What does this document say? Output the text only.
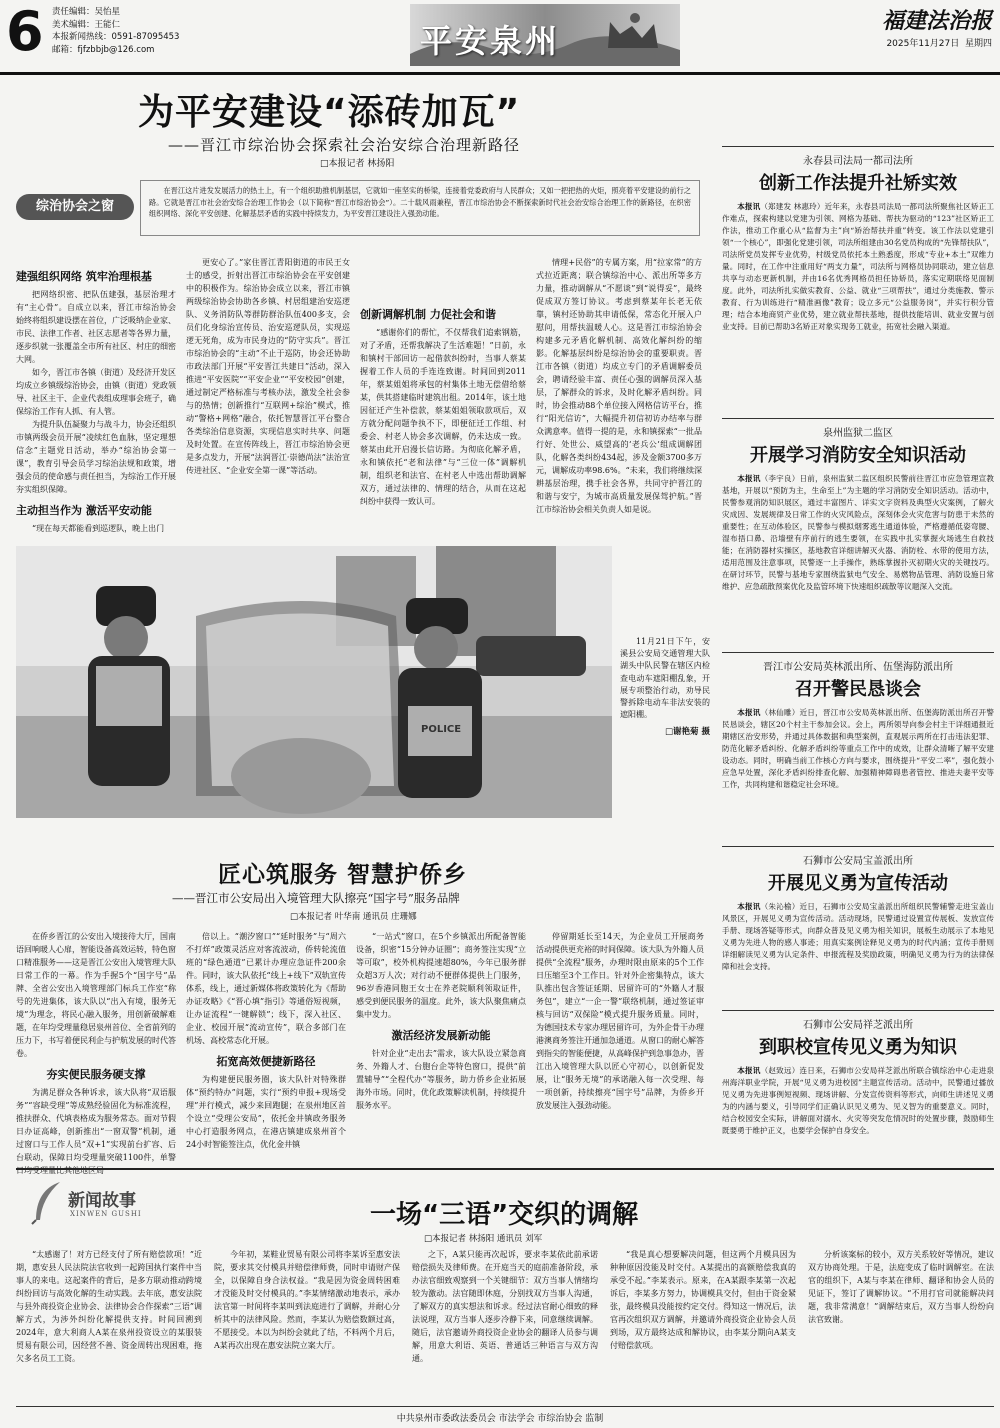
6 责任编辑：吴怡星
美术编辑：王能仁
本报新闻热线：0591-87095453
邮箱：fjfzbbjb@126.com	平安泉州
福建法治报
2025年11月27日 星期四
为平安建设“添砖加瓦”
——晋江市综治协会探索社会治安综合治理新路径
□本报记者 林扬阳
综治协会之窗

在晋江这片进发发展活力的热土上，有一个组织助推机制基层，它就如一座坚实的桥梁，连接着党委政府与人民群众；又如一把把热的火炬，照亮着平安建设的前行之路。它就是晋江市社会治安综合治理工作协会（以下简称“晋江市综治协会”）。二十载风雨兼程，晋江市综治协会不断探索新时代社会治安综合治理工作的新路径，在织密组织网络、深化平安创建、化解基层矛盾的实践中持续发力，为平安晋江建设注入强劲动能。

建强组织网络 筑牢治理根基

把网络织密、把队伍建强，基层治理才有“主心骨”。自成立以来，晋江市综治协会始终将组织建设摆在首位，广泛吸纳企业家、市民、法律工作者、社区志愿者等各界力量，逐步织就一张覆盖全市所有社区、村庄的细密大网。

如今，晋江市各镇（街道）及经济开发区均成立乡镇级综治协会，由镇（街道）党政领导、社区主干、企业代表组成理事会班子，确保综治工作有人抓、有人管。

为提升队伍凝聚力与战斗力，协会还组织市镇两级会员开展“凌续红色血脉，坚定理想信念”主题党日活动，举办“综治协会第一课”，教育引导会员学习综治法规和政策，增强会员的使命感与责任担当，为综治工作开展夯实组织保障。

主动担当作为 激活平安动能

“现在每天都能看到巡逻队，晚上出门

更安心了。”家住晋江青阳街道的市民王女士的感受，折射出晋江市综治协会在平安创建中的积极作为。综治协会成立以来，晋江市镇两级综治协会协助各乡镇、村居组建治安巡逻队、义务消防队等群防群治队伍400多支，会员们化身综治宣传员、治安巡逻队员，实现巡逻无死角，成为市民身边的“防守实兵”。晋江市综治协会的“主动”不止于巡防，协会还协助市政法部门开展“平安晋江共建日”活动，深入推进“平安医院”“平安企业”“平安校园”创建，通过制定严格标准与考核办法，激发全社会参与的热情；创新推行“互联网+综治”模式，推动“警格+网格”融合，依托智慧晋江平台整合各类综治信息资源，实现信息实时共享、问题及时处置。在宣传阵线上，晋江市综治协会更是多点发力，开展“法润晋江·崇德尚法”法治宣传进社区、“企业安全第一课”等活动。

创新调解机制 力促社会和谐

“感谢你们的帮忙，不仅帮我们追索钢筋，对了矛盾，还帮我解决了生活难题！”日前，永和镇村干部回访一起借款纠纷时，当事人蔡某握着工作人员的手连连致谢。时间回到2011年，蔡某姐姐将承包的村集体土地无偿借给蔡某，供其搭建临时建筑出租。2014年，该土地因征迁产生补偿款，蔡某姐姐领取款项后，双方就分配问题争执不下，即便征迁工作组、村委会、村老人协会多次调解，仍未达成一致。蔡某由此开启漫长信访路。为彻底化解矛盾，永和镇依托“老和法律”与“三位一体”调解机制，组织老和法官、在村老人中选出帮助调解双方，通过法律的、情理的结合，从而在这起纠纷中获得一致认可。

情理+民俗”的专属方案，用“拉家常”的方式拉近距离；联合镇综治中心、派出所等多方力量，推动调解从“不愿谈”到“说得妥”，最终促成双方签订协议。考虑到蔡某年长老无依靠，镇村还协助其申请低保，常态化开展入户慰问，用帮扶温暖人心。这是晋江市综治协会构建多元矛盾化解机制、高效化解纠纷的缩影。化解基层纠纷是综治协会的重要职责。晋江市各镇（街道）均成立专门的矛盾调解委员会，聘请经验丰富、责任心强的调解员深入基层，了解群众的诉求，及时化解矛盾纠纷。同时，协会推动88个单位接入网格信访平台，推行“阳光信访”，大幅提升初信初访办结率与群众满意率。值得一提的是，永和镇探索“一批品行好、处世公、威望高的‘老兵公’组成调解团队，化解各类纠纷434起，涉及金额3700多万元，调解成功率98.6%。“未来，我们将继续深耕基层治理，携手社会各界，共同守护晋江的和谐与安宁，为城市高质量发展保驾护航。”晋江市综治协会相关负责人如是说。

POLICE

11月21日下午，安溪县公安局交通管理大队湖头中队民警在辖区内检查电动车遮阳棚乱象，开展专项整治行动，劝导民警拆除电动车非法安装的遮阳棚。

□谢艳菊 摄
匠心筑服务 智慧护侨乡
——晋江市公安局出入境管理大队擦亮“国字号”服务品牌
□本报记者 叶华南 通讯员 庄珊娜

在侨乡晋江的公安出入境接待大厅，国南语回响暖人心扉，智能设备高效运转，特色窗口精准服务——这是晋江公安出入境管理大队日常工作的一幕。作为手握5个“国字号”品牌、全省公安出入境管理部门标兵工作室“称号的先进集体，该大队以“出入有境，服务无境”为理念，将民心融入服务，用创新破解难题，在年均受理量稳居泉州首位、全省前列的压力下，书写着便民利企与护航发展的时代答卷。

夯实便民服务硬支撑

为满足群众各种诉求，该大队将“双语服务”“容缺受理”等成熟经验固化为标准流程，推扶群众、代填表格成为服务常态。面对节假日办证高峰，创新推出“一窗双警”机制，通过窗口与工作人员“双+1”实现前台扩容、后台联动，保障日均受理量突破1100件，单警日均受理量比其他地区局

倍以上。“潮汐窗口”“延时服务”与“周六不打烊”政策灵活应对客流波动，侨转轮流值班的“绿色通道”已累计办理应急证件200余件。同时，该大队依托“线上+线下”双轨宣传体系，线上，通过新媒体将政策转化为《帮助办证攻略》《“晋心填”指引》等通俗短视频，让办证流程“一键解锁”；线下，深入社区、企业、校园开展“流动宣传”，联合多部门在机场、高校常态化开展。

拓宽高效便捷新路径

为构建便民服务圈，该大队针对特殊群体“预约特办”问题，实行“预约申报+现场受理”并行模式，减少来回跑腿；在泉州地区首个设立“受理公安局”，依托金井镇政务服务中心打造服务网点，在港店镇建成泉州首个24小时智能签注点，优化金井镇

“一站式”窗口，在5个乡镇派出所配备智能设备，织密“15分钟办证圈”；商务签注实现“立等可取”，校外机构提速超80%，今年已服务群众超3万人次；对行动不便群体提供上门服务，96岁香港同胞王女士在养老院顺利领取证件，感受到便民服务的温度。此外，该大队聚焦痛点集中发力。

激活经济发展新动能

针对企业“走出去”需求，该大队设立紧急商务、外籍人才、台胞台企等特色窗口，提供“前置辅导”“全程代办”等服务，助力侨乡企业拓展海外市场。同时，优化政策解读机制，持续提升服务水平。

停留期延长至14天，为企业员工开展商务活动提供更充裕的时间保障。该大队为外籍人员提供“全流程”服务，办理时限由原来的5个工作日压缩至3个工作日。针对外企密集特点，该大队推出包含签证延期、居留许可的“外籍人才服务包”，建立“一企一警”联络机制，通过签证审核与回访“双保险”模式提升服务质量。同时，为德国技术专家办理居留许可，为外企骨干办理港澳商务签注开通加急通道。从窗口的耐心解答到指尖的智能便捷，从高峰保护到急事急办，晋江出入境管理大队以匠心守初心，以创新促发展，让“服务无境”的承诺融入每一次受理、每一项创新，持续擦亮“国字号”品牌，为侨乡开放发展注入强劲动能。

永春县司法局一都司法所
创新工作法提升社矫实效

本报讯（郑建发 林惠玲）近年来，永春县司法局一都司法所聚焦社区矫正工作难点，探索构建以党建为引领、网格为基础、帮扶为驱动的“123”社区矫正工作法，推动工作重心从“监督为主”向“矫治帮扶并重”转变。该工作法以党建引领“一个核心”，即强化党建引领，司法所组建由30名党员构成的“先锋帮扶队”，司法所党员发挥专业优势，村级党员依托本土熟悉度，形成“专业+本土”双维力量。同时，在工作中注重用好“两支力量”，司法所与网格员协同联动，建立信息共享与动态更新机制，并由16名优秀网格员担任协矫员，落实定期联络见面制度。此外，司法所扎实做实教育、公益、就业“三项帮扶”，通过分类施教、警示教育、行为训练进行“精准画像”教育；设立多元“公益服务岗”，并实行积分管理；结合本地商贸产业优势，建立就业帮扶基地，提供技能培训、就业安置与创业支持。目前已帮助3名矫正对象实现务工就业，拓宽社会融入渠道。

泉州监狱二监区
开展学习消防安全知识活动

本报讯（李宇良）日前，泉州监狱二监区组织民警前往晋江市应急管理宣教基地，开展以“预防为主，生命至上”为主题的学习消防安全知识活动。活动中，民警参观消防知识展区，通过丰富图片、详实文字资料及典型火灾案例，了解火灾成因、发展规律及日常工作的火灾风险点，深刻体会火灾危害与防患于未然的重要性；在互动体验区，民警参与模拟烟雾逃生通道体验，严格遵循低姿弯腰、湿布捂口鼻、沿墙壁有序前行的逃生要领，在实践中扎实掌握火场逃生自救技能；在消防器材实操区，基地教官详细讲解灭火器、消防栓、水带的使用方法，适用范围及注意事项，民警逐一上手操作，熟练掌握扑灭初期火灾的关键技巧。在研讨环节，民警与基地专家围绕监狱电气安全、易燃物品管理、消防设施日常维护、应急疏散预案优化及监管环境下快速组织疏散等议题深入交流。

晋江市公安局英林派出所、伍堡海防派出所
召开警民恳谈会

本报讯（林仙雕）近日，晋江市公安局英林派出所、伍堡海防派出所召开警民恳谈会，辖区20个村主干参加会议。会上，两所领导向参会村主干详细通报近期辖区治安形势，并通过具体数据和典型案例，直观展示两所在打击违法犯罪、防范化解矛盾纠纷、化解矛盾纠纷等重点工作中的成效，让群众清晰了解平安建设动态。同时，明确当前工作核心方向与要求，围绕提升“平安二率”，强化鼓小应急早处置，深化矛盾纠纷排查化解、加强精神障碍患者管控、推进夫妻平安等工作，共同构建和谐稳定社会环境。

石狮市公安局宝盖派出所
开展见义勇为宣传活动

本报讯（朱沁榆）近日，石狮市公安局宝盖派出所组织民警辅警走进宝盖山风景区，开展见义勇为宣传活动。活动现场，民警通过设置宣传展板、发放宣传手册、现场答疑等形式，向群众普及见义勇为相关知识，展板生动展示了本地见义勇为先进人物的感人事迹；用真实案例诠释见义勇为的时代内涵；宣传手册则详细解读见义勇为认定条件、申报流程及奖励政策，明确见义勇为行为的法律保障和社会支持。

石狮市公安局祥芝派出所
到职校宣传见义勇为知识

本报讯（赵致远）连日来，石狮市公安局祥芝派出所联合镇综治中心走进泉州海洋职业学院，开展“见义勇为进校园”主题宣传活动。活动中，民警通过播放见义勇为先进事例短视频、现场讲解、分发宣传资料等形式，向师生讲述见义勇为的内涵与要义，引导同学们正确认识见义勇为、见义智为的重要意义。同时，结合校园安全实际，讲解面对溺水、火灾等突发危情况时的处置步骤，鼓励师生既要勇于维护正义，也要学会保护自身安全。

新闻故事
XINWEN GUSHI	一场“三语”交织的调解
□本报记者 林扬阳 通讯员 刘军

“太感谢了！对方已经支付了所有赔偿款项！”近期，惠安县人民法院法官收到一起跨国执行案件中当事人的来电。这起案件的背后，是多方联动推动跨境纠纷回访与高效化解的生动实践。去年底，惠安法院与县外商投资企业协会、法律协会合作探索“三语”调解方式，为涉外纠纷化解提供支持。时间回溯到2024年，意大利商人A某在泉州投资设立的某服装贸易有限公司，因经营不善、资金周转出现困难，拖欠多名员工工资。

今年初，某鞋业贸易有限公司将李某诉至惠安法院，要求其交付模具并赔偿律师费，同时申请财产保全，以保障自身合法权益。“我是因为资金周转困难才没能及时交付模具的。”李某情绪激动地表示，承办法官第一时间将李某叫到法庭进行了调解，并耐心分析其中的法律风险。然而，李某认为赔偿数额过高，不愿接受。本以为纠纷会就此了结，不料两个月后，A某再次出现在惠安法院立案大厅。

之下，A某只能再次起诉，要求李某依此前承诺赔偿损失及律师费。在开庭当天的庭前准备阶段，承办法官细致观察到一个关键细节：双方当事人情绪均较为激动。法官随即休庭，分别找双方当事人沟通，了解双方的真实想法和诉求。经过法官耐心细致的释法说理，双方当事人逐步冷静下来，同意继续调解。随后，法官邀请外商投资企业协会的翻译人员参与调解，用意大利语、英语、普通话三种语言与双方沟通。

“我是真心想要解决问题，但这两个月模具因为种种原因没能及时交付。A某提出的高额赔偿我真的承受不起。”李某表示。原来，在A某跟李某第一次起诉后，李某多方努力，协调模具交付，但由于资金紧张，最终模具没能按约定交付。得知这一情况后，法官再次组织双方调解，并邀请外商投资企业协会人员到场，双方最终达成和解协议，由李某分期向A某支付赔偿款项。

分析该案标的较小，双方关系较好等情况，建议双方协商处理。于是，法庭变成了临时调解室。在法官的组织下，A某与李某在律师、翻译和协会人员的见证下，签订了调解协议。“不用打官司就能解决问题，我非常满意！”调解结束后，双方当事人纷纷向法官致谢。

中共泉州市委政法委员会 市法学会 市综治协会 监制
